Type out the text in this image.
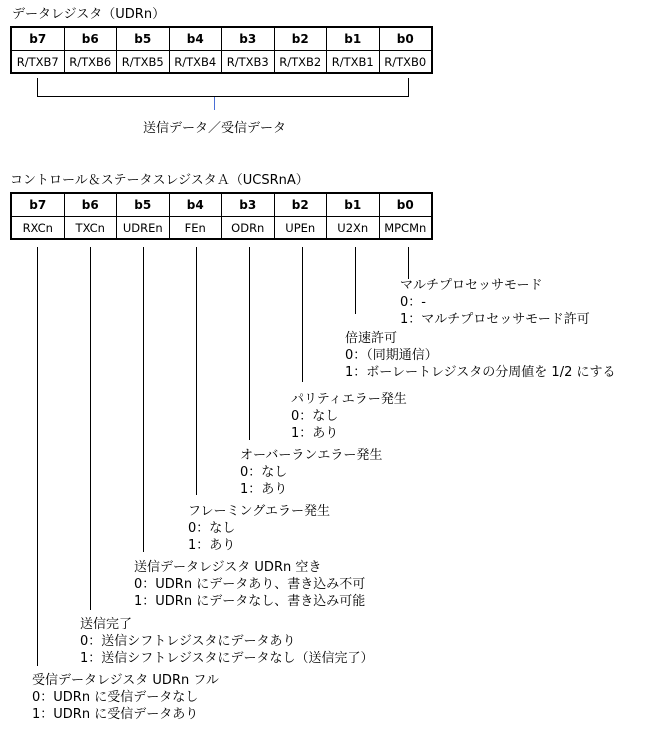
データレジスタ（UDRn）
b7	b6	b5	b4	b3	b2	b1	b0
R/TXB7	R/TXB6	R/TXB5	R/TXB4	R/TXB3	R/TXB2	R/TXB1	R/TXB0
送信データ／受信データ
コントロール＆ステータスレジスタＡ（UCSRnA）
b7	b6	b5	b4	b3	b2	b1	b0
RXCn	TXCn	UDREn	FEn	ODRn	UPEn	U2Xn	MPCMn
マルチプロセッサモード
0：-
1：マルチプロセッサモード許可
倍速許可
0：（同期通信）
1：ボーレートレジスタの分周値を 1/2 にする
パリティエラー発生
0：なし
1：あり
オーバーランエラー発生
0：なし
1：あり
フレーミングエラー発生
0：なし
1：あり
送信データレジスタ UDRn 空き
0：UDRn にデータあり、書き込み不可
1：UDRn にデータなし、書き込み可能
送信完了
0：送信シフトレジスタにデータあり
1：送信シフトレジスタにデータなし（送信完了）
受信データレジスタ UDRn フル
0：UDRn に受信データなし
1：UDRn に受信データあり
